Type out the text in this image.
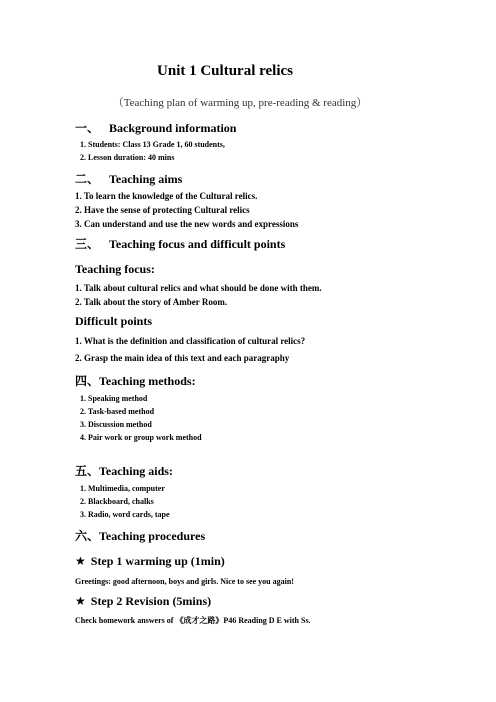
Unit 1 Cultural relics
（Teaching plan of warming up, pre-reading & reading）
一、 Background information
1. Students: Class 13 Grade 1, 60 students,
2. Lesson duration: 40 mins
二、 Teaching aims
1. To learn the knowledge of the Cultural relics.
2. Have the sense of protecting Cultural relics
3. Can understand and use the new words and expressions
三、 Teaching focus and difficult points
Teaching focus:
1. Talk about cultural relics and what should be done with them.
2. Talk about the story of Amber Room.
Difficult points
1. What is the definition and classification of cultural relics?
2. Grasp the main idea of this text and each paragraphy
四、Teaching methods:
1. Speaking method
2. Task-based method
3. Discussion method
4. Pair work or group work method
五、Teaching aids:
1. Multimedia, computer
2. Blackboard, chalks
3. Radio, word cards, tape
六、Teaching procedures
★ Step 1 warming up (1min)
Greetings: good afternoon, boys and girls. Nice to see you again!
★ Step 2 Revision (5mins)
Check homework answers of 《成才之路》P46 Reading D E with Ss.
